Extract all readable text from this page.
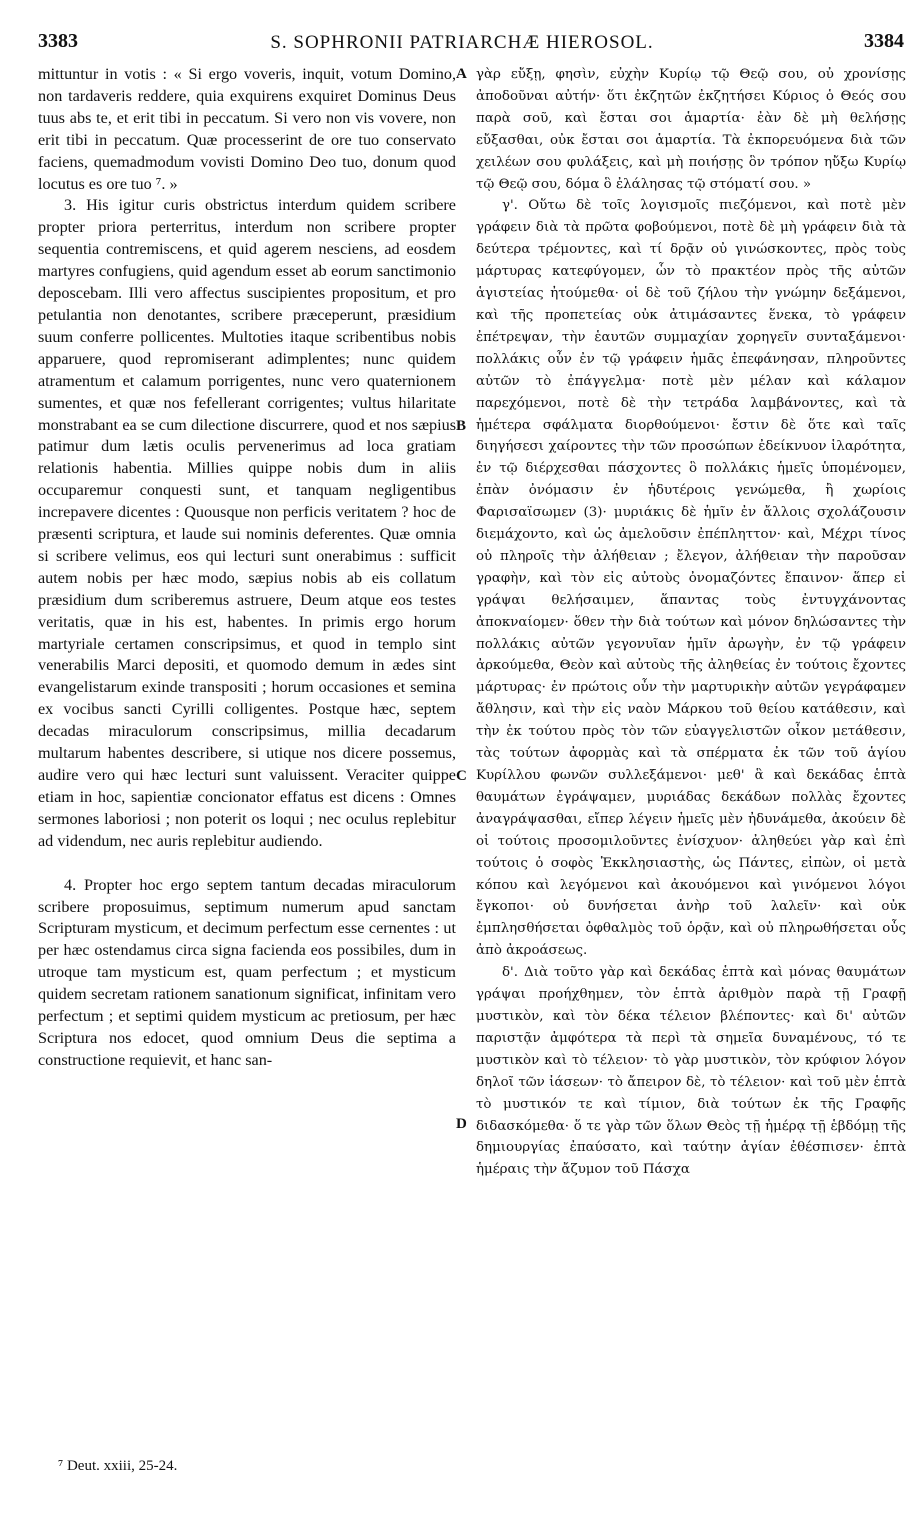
3383	S. SOPHRONII PATRIARCHÆ HIEROSOL.	3384

mittuntur in votis : « Si ergo voveris, inquit, votum Domino, non tardaveris reddere, quia exquirens exquiret Dominus Deus tuus abs te, et erit tibi in peccatum. Si vero non vis vovere, non erit tibi in peccatum. Quæ processerint de ore tuo conservato faciens, quemadmodum vovisti Domino Deo tuo, donum quod locutus es ore tuo ⁷. »

3. His igitur curis obstrictus interdum quidem scribere propter priora perterritus, interdum non scribere propter sequentia contremiscens, et quid agerem nesciens, ad eosdem martyres confugiens, quid agendum esset ab eorum sanctimonio deposcebam. Illi vero affectus suscipientes propositum, et pro petulantia non denotantes, scribere præceperunt, præsidium suum conferre pollicentes. Multoties itaque scribentibus nobis apparuere, quod repromiserant adimplentes; nunc quidem atramentum et calamum porrigentes, nunc vero quaternionem sumentes, et quæ nos fefellerant corrigentes; vultus hilaritate monstrabant ea se cum dilectione discurrere, quod et nos sæpius patimur dum lætis oculis pervenerimus ad loca gratiam relationis habentia. Millies quippe nobis dum in aliis occuparemur conquesti sunt, et tanquam negligentibus increpavere dicentes : Quousque non perficis veritatem ? hoc de præsenti scriptura, et laude sui nominis deferentes. Quæ omnia si scribere velimus, eos qui lecturi sunt onerabimus : sufficit autem nobis per hæc modo, sæpius nobis ab eis collatum præsidium dum scriberemus astruere, Deum atque eos testes veritatis, quæ in his est, habentes. In primis ergo horum martyriale certamen conscripsimus, et quod in templo sint venerabilis Marci depositi, et quomodo demum in ædes sint evangelistarum exinde transpositi ; horum occasiones et semina ex vocibus sancti Cyrilli colligentes. Postque hæc, septem decadas miraculorum conscripsimus, millia decadarum multarum habentes describere, si utique nos dicere possemus, audire vero qui hæc lecturi sunt valuissent. Veraciter quippe etiam in hoc, sapientiæ concionator effatus est dicens : Omnes sermones laboriosi ; non poterit os loqui ; nec oculus replebitur ad videndum, nec auris replebitur audiendo.

4. Propter hoc ergo septem tantum decadas miraculorum scribere proposuimus, septimum numerum apud sanctam Scripturam mysticum, et decimum perfectum esse cernentes : ut per hæc ostendamus circa signa facienda eos possibiles, dum in utroque tam mysticum est, quam perfectum ; et mysticum quidem secretam rationem sanationum significat, infinitam vero perfectum ; et septimi quidem mysticum ac pretiosum, per hæc Scriptura nos edocet, quod omnium Deus die septima a constructione requievit, et hanc san-

A
B
C
D

γὰρ εὔξῃ, φησὶν, εὐχὴν Κυρίῳ τῷ Θεῷ σου, οὐ χρονίσῃς ἀποδοῦναι αὐτήν· ὅτι ἐκζητῶν ἐκζητήσει Κύριος ὁ Θεός σου παρὰ σοῦ, καὶ ἔσται σοι ἁμαρτία· ἐὰν δὲ μὴ θελήσῃς εὔξασθαι, οὐκ ἔσται σοι ἁμαρτία. Τὰ ἐκπορευόμενα διὰ τῶν χειλέων σου φυλάξεις, καὶ μὴ ποιήσῃς ὃν τρόπον ηὔξω Κυρίῳ τῷ Θεῷ σου, δόμα ὃ ἐλάλησας τῷ στόματί σου. »

γ'. Οὕτω δὲ τοῖς λογισμοῖς πιεζόμενοι, καὶ ποτὲ μὲν γράφειν διὰ τὰ πρῶτα φοβούμενοι, ποτὲ δὲ μὴ γράφειν διὰ τὰ δεύτερα τρέμοντες, καὶ τί δρᾷν οὐ γινώσκοντες, πρὸς τοὺς μάρτυρας κατεφύγομεν, ὧν τὸ πρακτέον πρὸς τῆς αὐτῶν ἁγιστείας ἠτούμεθα· οἱ δὲ τοῦ ζήλου τὴν γνώμην δεξάμενοι, καὶ τῆς προπετείας οὐκ ἀτιμάσαντες ἕνεκα, τὸ γράφειν ἐπέτρεψαν, τὴν ἑαυτῶν συμμαχίαν χορηγεῖν συνταξάμενοι· πολλάκις οὖν ἐν τῷ γράφειν ἡμᾶς ἐπεφάνησαν, πληροῦντες αὐτῶν τὸ ἐπάγγελμα· ποτὲ μὲν μέλαν καὶ κάλαμον παρεχόμενοι, ποτὲ δὲ τὴν τετράδα λαμβάνοντες, καὶ τὰ ἡμέτερα σφάλματα διορθούμενοι· ἔστιν δὲ ὅτε καὶ ταῖς διηγήσεσι χαίροντες τὴν τῶν προσώπων ἐδείκνυον ἱλαρότητα, ἐν τῷ διέρχεσθαι πάσχοντες ὃ πολλάκις ἡμεῖς ὑπομένομεν, ἐπὰν ὀνόμασιν ἐν ἡδυτέροις γενώμεθα, ἢ χωρίοις Φαρισαϊσωμεν (3)· μυριάκις δὲ ἡμῖν ἐν ἄλλοις σχολάζουσιν διεμάχοντο, καὶ ὡς ἀμελοῦσιν ἐπέπληττον· καὶ, Μέχρι τίνος οὐ πληροῖς τὴν ἀλήθειαν ; ἔλεγον, ἀλήθειαν τὴν παροῦσαν γραφὴν, καὶ τὸν εἰς αὐτοὺς ὀνομαζόντες ἔπαινον· ἅπερ εἰ γράψαι θελήσαιμεν, ἅπαντας τοὺς ἐντυγχάνοντας ἀποκναίομεν· ὅθεν τὴν διὰ τούτων καὶ μόνον δηλώσαντες τὴν πολλάκις αὐτῶν γεγονυῖαν ἡμῖν ἀρωγὴν, ἐν τῷ γράφειν ἀρκούμεθα, Θεὸν καὶ αὐτοὺς τῆς ἀληθείας ἐν τούτοις ἔχοντες μάρτυρας· ἐν πρώτοις οὖν τὴν μαρτυρικὴν αὐτῶν γεγράφαμεν ἄθλησιν, καὶ τὴν εἰς ναὸν Μάρκου τοῦ θείου κατάθεσιν, καὶ τὴν ἐκ τούτου πρὸς τὸν τῶν εὐαγγελιστῶν οἶκον μετάθεσιν, τὰς τούτων ἀφορμὰς καὶ τὰ σπέρματα ἐκ τῶν τοῦ ἁγίου Κυρίλλου φωνῶν συλλεξάμενοι· μεθ' ἃ καὶ δεκάδας ἑπτὰ θαυμάτων ἐγράψαμεν, μυριάδας δεκάδων πολλὰς ἔχοντες ἀναγράψασθαι, εἴπερ λέγειν ἡμεῖς μὲν ἠδυνάμεθα, ἀκούειν δὲ οἱ τούτοις προσομιλοῦντες ἐνίσχυον· ἀληθεύει γὰρ καὶ ἐπὶ τούτοις ὁ σοφὸς Ἐκκλησιαστὴς, ὡς Πάντες, εἰπὼν, οἱ μετὰ κόπου καὶ λεγόμενοι καὶ ἀκουόμενοι καὶ γινόμενοι λόγοι ἔγκοποι· οὐ δυνήσεται ἀνὴρ τοῦ λαλεῖν· καὶ οὐκ ἐμπλησθήσεται ὀφθαλμὸς τοῦ ὁρᾷν, καὶ οὐ πληρωθήσεται οὖς ἀπὸ ἀκροάσεως.

δ'. Διὰ τοῦτο γὰρ καὶ δεκάδας ἑπτὰ καὶ μόνας θαυμάτων γράψαι προήχθημεν, τὸν ἑπτὰ ἀριθμὸν παρὰ τῇ Γραφῇ μυστικὸν, καὶ τὸν δέκα τέλειον βλέποντες· καὶ δι' αὐτῶν παριστᾷν ἀμφότερα τὰ περὶ τὰ σημεῖα δυναμένους, τό τε μυστικὸν καὶ τὸ τέλειον· τὸ γὰρ μυστικὸν, τὸν κρύφιον λόγον δηλοῖ τῶν ἰάσεων· τὸ ἄπειρον δὲ, τὸ τέλειον· καὶ τοῦ μὲν ἑπτὰ τὸ μυστικόν τε καὶ τίμιον, διὰ τούτων ἐκ τῆς Γραφῆς διδασκόμεθα· ὅ τε γὰρ τῶν ὅλων Θεὸς τῇ ἡμέρᾳ τῇ ἑβδόμῃ τῆς δημιουργίας ἐπαύσατο, καὶ ταύτην ἁγίαν ἐθέσπισεν· ἑπτὰ ἡμέραις τὴν ἄζυμον τοῦ Πάσχα

⁷ Deut. xxiii, 25-24.
